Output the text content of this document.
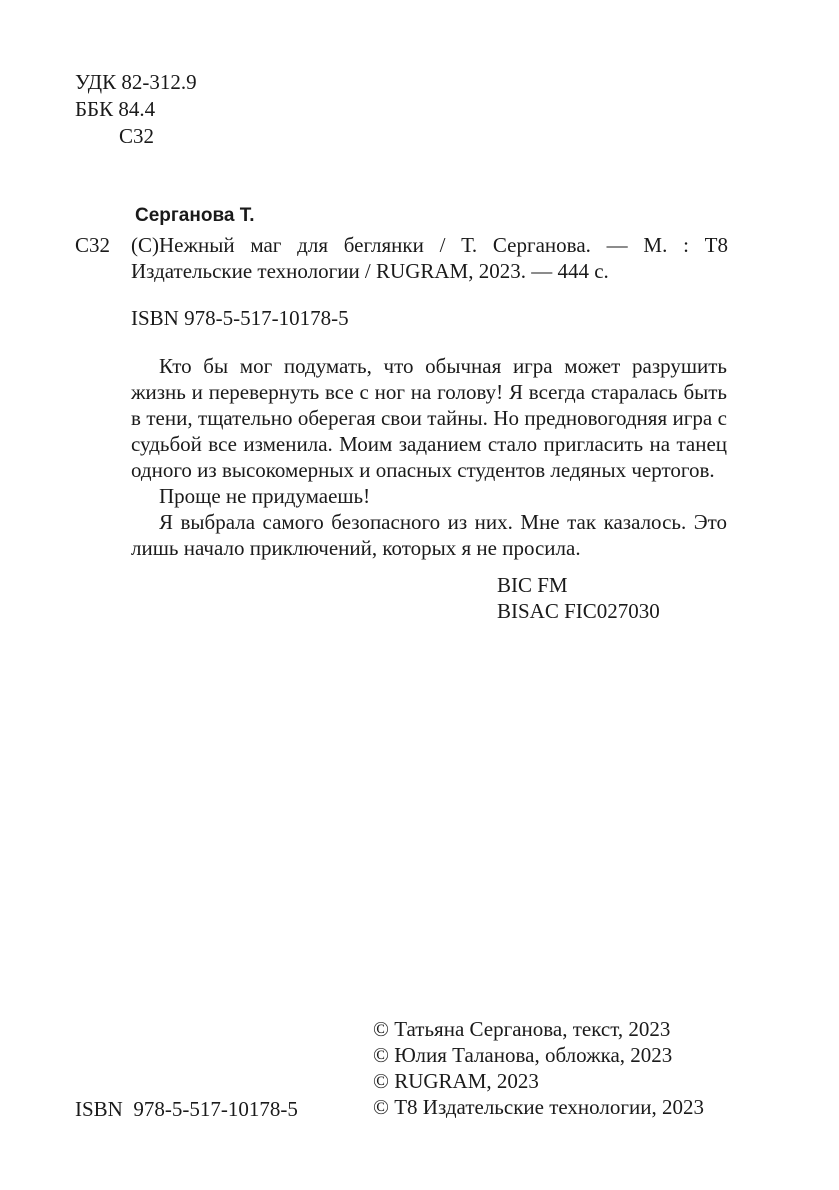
УДК 82-312.9
ББК 84.4
С32
Серганова Т.
С32 (С)Нежный маг для беглянки / Т. Серганова. — М. : Т8
Издательские технологии / RUGRAM, 2023. — 444 с.
ISBN 978-5-517-10178-5
Кто бы мог подумать, что обычная игра может разрушить
жизнь и перевернуть все с ног на голову! Я всегда старалась быть
в тени, тщательно оберегая свои тайны. Но предновогодняя игра с
судьбой все изменила. Моим заданием стало пригласить на танец
одного из высокомерных и опасных студентов ледяных чертогов.
Проще не придумаешь!
Я выбрала самого безопасного из них. Мне так казалось. Это
лишь начало приключений, которых я не просила.
BIC FM
BISAC FIC027030
ISBN  978-5-517-10178-5
© Татьяна Серганова, текст, 2023
© Юлия Таланова, обложка, 2023
© RUGRAM, 2023
© Т8 Издательские технологии, 2023
